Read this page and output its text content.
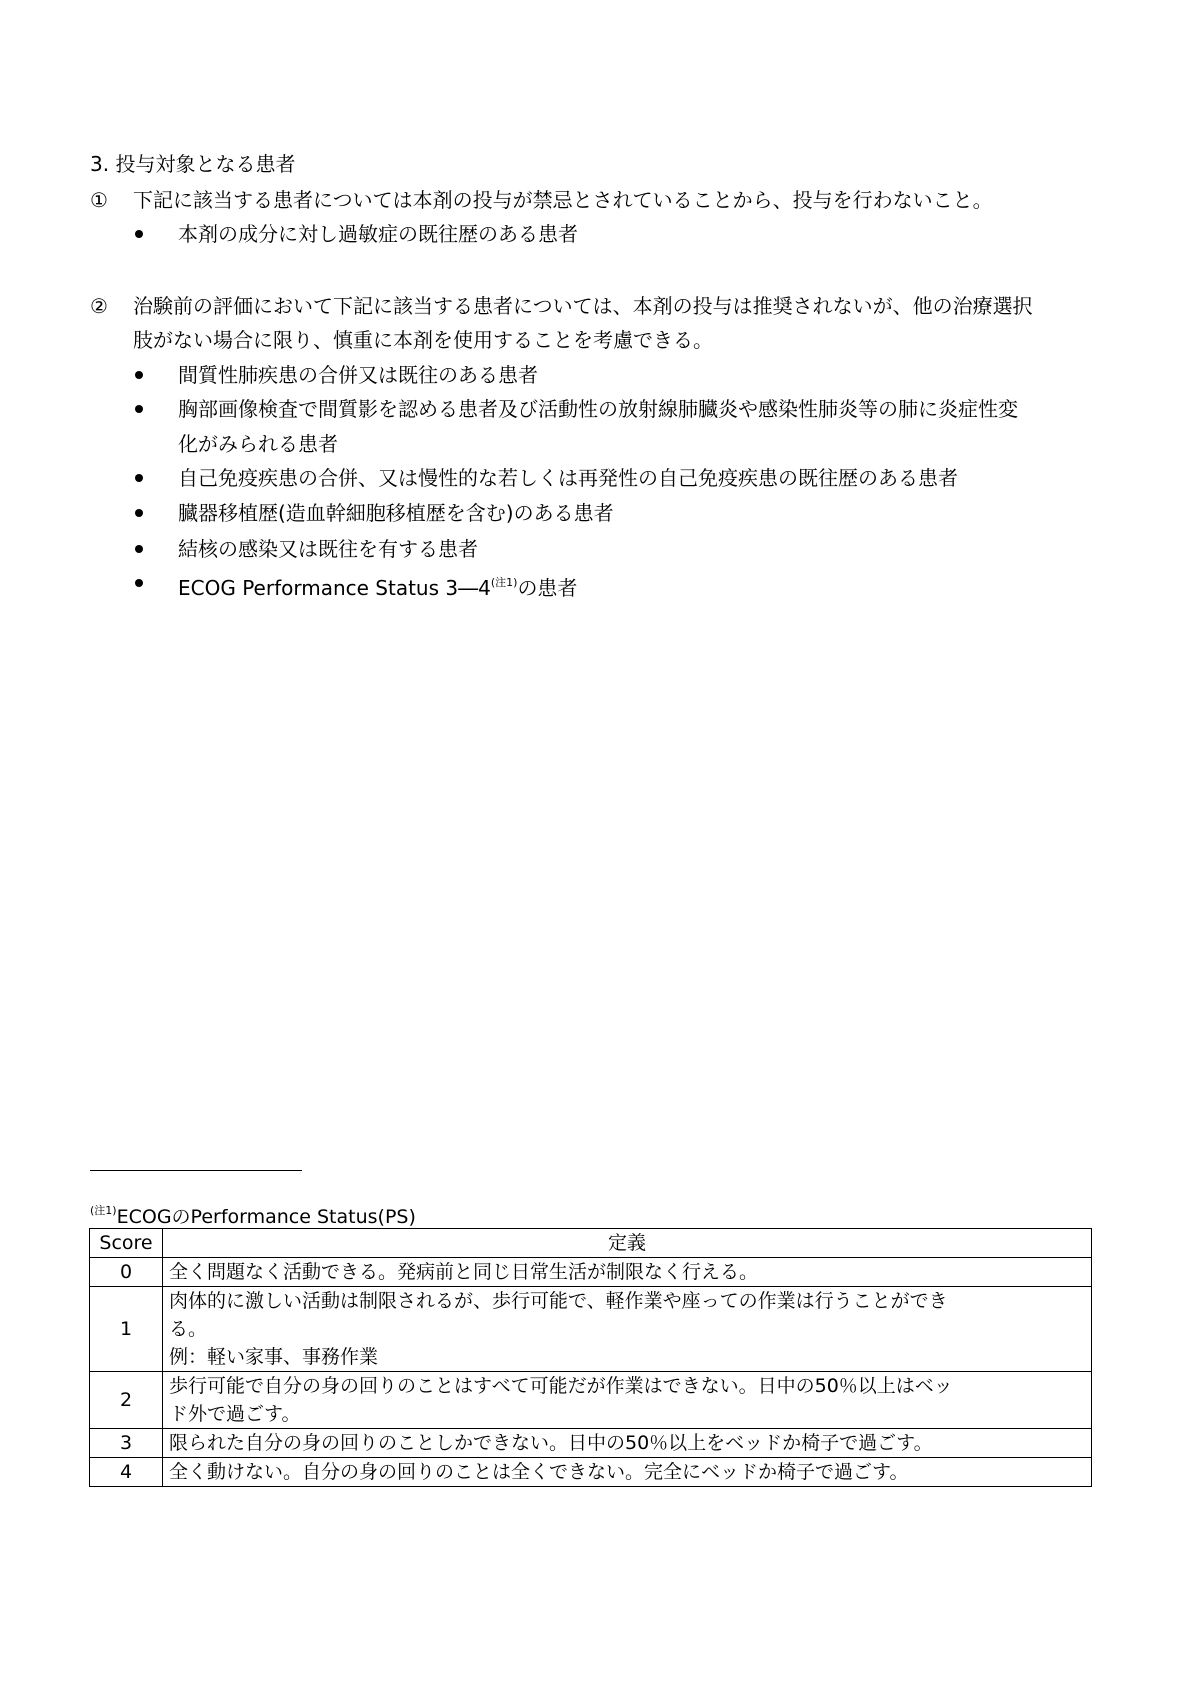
3. 投与対象となる患者
① 下記に該当する患者については本剤の投与が禁忌とされていることから、投与を行わないこと。
本剤の成分に対し過敏症の既往歴のある患者
② 治験前の評価において下記に該当する患者については、本剤の投与は推奨されないが、他の治療選択
肢がない場合に限り、慎重に本剤を使用することを考慮できる。
間質性肺疾患の合併又は既往のある患者
胸部画像検査で間質影を認める患者及び活動性の放射線肺臓炎や感染性肺炎等の肺に炎症性変
化がみられる患者
自己免疫疾患の合併、又は慢性的な若しくは再発性の自己免疫疾患の既往歴のある患者
臓器移植歴(造血幹細胞移植歴を含む)のある患者
結核の感染又は既往を有する患者
ECOG Performance Status $3―4^{(注1)}$の患者
$^{(注1)}$ECOGのPerformance Status(PS)
Score	定義
0	全く問題なく活動できる。発病前と同じ日常生活が制限なく行える。

1	肉体的に激しい活動は制限されるが、歩行可能で、軽作業や座っての作業は行うことができ
る。
例：軽い家事、事務作業

2	歩行可能で自分の身の回りのことはすべて可能だが作業はできない。日中の50％以上はベッ
ド外で過ごす。

3	限られた自分の身の回りのことしかできない。日中の50％以上をベッドか椅子で過ごす。

4	全く動けない。自分の身の回りのことは全くできない。完全にベッドか椅子で過ごす。
